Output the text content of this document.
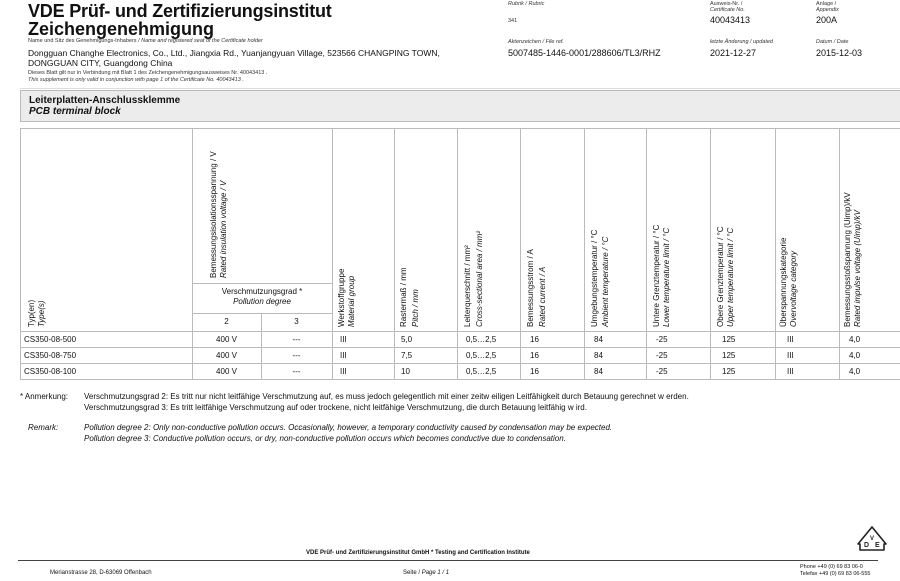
VDE Prüf- und Zertifizierungsinstitut
Zeichengenehmigung
Name und Sitz des Genehmigungs-Inhabers / Name and registered seat of the Certificate holder
Dongguan Changhe Electronics, Co., Ltd., Jiangxia Rd., Yuanjangyuan Village, 523566 CHANGPING TOWN,
DONGGUAN CITY, Guangdong China
Dieses Blatt gilt nur in Verbindung mit Blatt 1 des Zeichengenehmigungsausweises Nr. 40043413 .
This supplement is only valid in conjunction with page 1 of the Certificate No. 40043413 .
Rubrik / Rubric
341
Ausweis-Nr. /
Certificate No.
40043413
Anlage /
Appendix
200A
Aktenzeichen / File ref.
5007485-1446-0001/288606/TL3/RHZ
letzte Änderung / updated
2021-12-27
Datum / Date
2015-12-03
Leiterplatten-Anschlussklemme
PCB terminal block
Typ(en) Type(s)
Bemessungsisolationsspannung / V Rated insulation voltage / V
Verschmutzungsgrad *
Pollution degree
2	3	Werkstoffgruppe Material group	Rastermaß / mm Pitch / mm	Leiterquerschnitt / mm² Cross-sectional area / mm²	Bemessungsstrom / A Rated current / A	Umgebungstemperatur / °C Ambient temperature / °C	Untere Grenztemperatur / °C Lower temperature limit / °C	Obere Grenztemperatur / °C Upper temperature limit / °C	Überspannungskategorie Overvoltage category	Bemessungsstoßspannung (Uimp)/kV Rated impulse voltage (Uimp)/kV
CS350-08-500	400 V	---	III	5,0	0,5…2,5	16	84	-25	125	III	4,0
CS350-08-750	400 V	---	III	7,5	0,5…2,5	16	84	-25	125	III	4,0
CS350-08-100	400 V	---	III	10	0,5…2,5	16	84	-25	125	III	4,0
* Anmerkung: Verschmutzungsgrad 2: Es tritt nur nicht leitfähige Verschmutzung auf, es muss jedoch gelegentlich mit einer zeitw eiligen Leitfähigkeit durch Betauung gerechnet w erden.
Verschmutzungsgrad 3: Es tritt leitfähige Verschmutzung auf oder trockene, nicht leitfähige Verschmutzung, die durch Betauung leitfähig w ird.
Remark:	Pollution degree 2: Only non-conductive pollution occurs. Occasionally, however, a temporary conductivity caused by condensation may be expected.
Pollution degree 3: Conductive pollution occurs, or dry, non-conductive pollution occurs which becomes conductive due to condensation.
VDE Prüf- und Zertifizierungsinstitut GmbH * Testing and Certification Institute
Merianstrasse 28, D-63069 Offenbach	Seite / Page 1 / 1
Phone +49 (0) 69 83 06-0
Telefax +49 (0) 69 83 06-555
D
V
E
